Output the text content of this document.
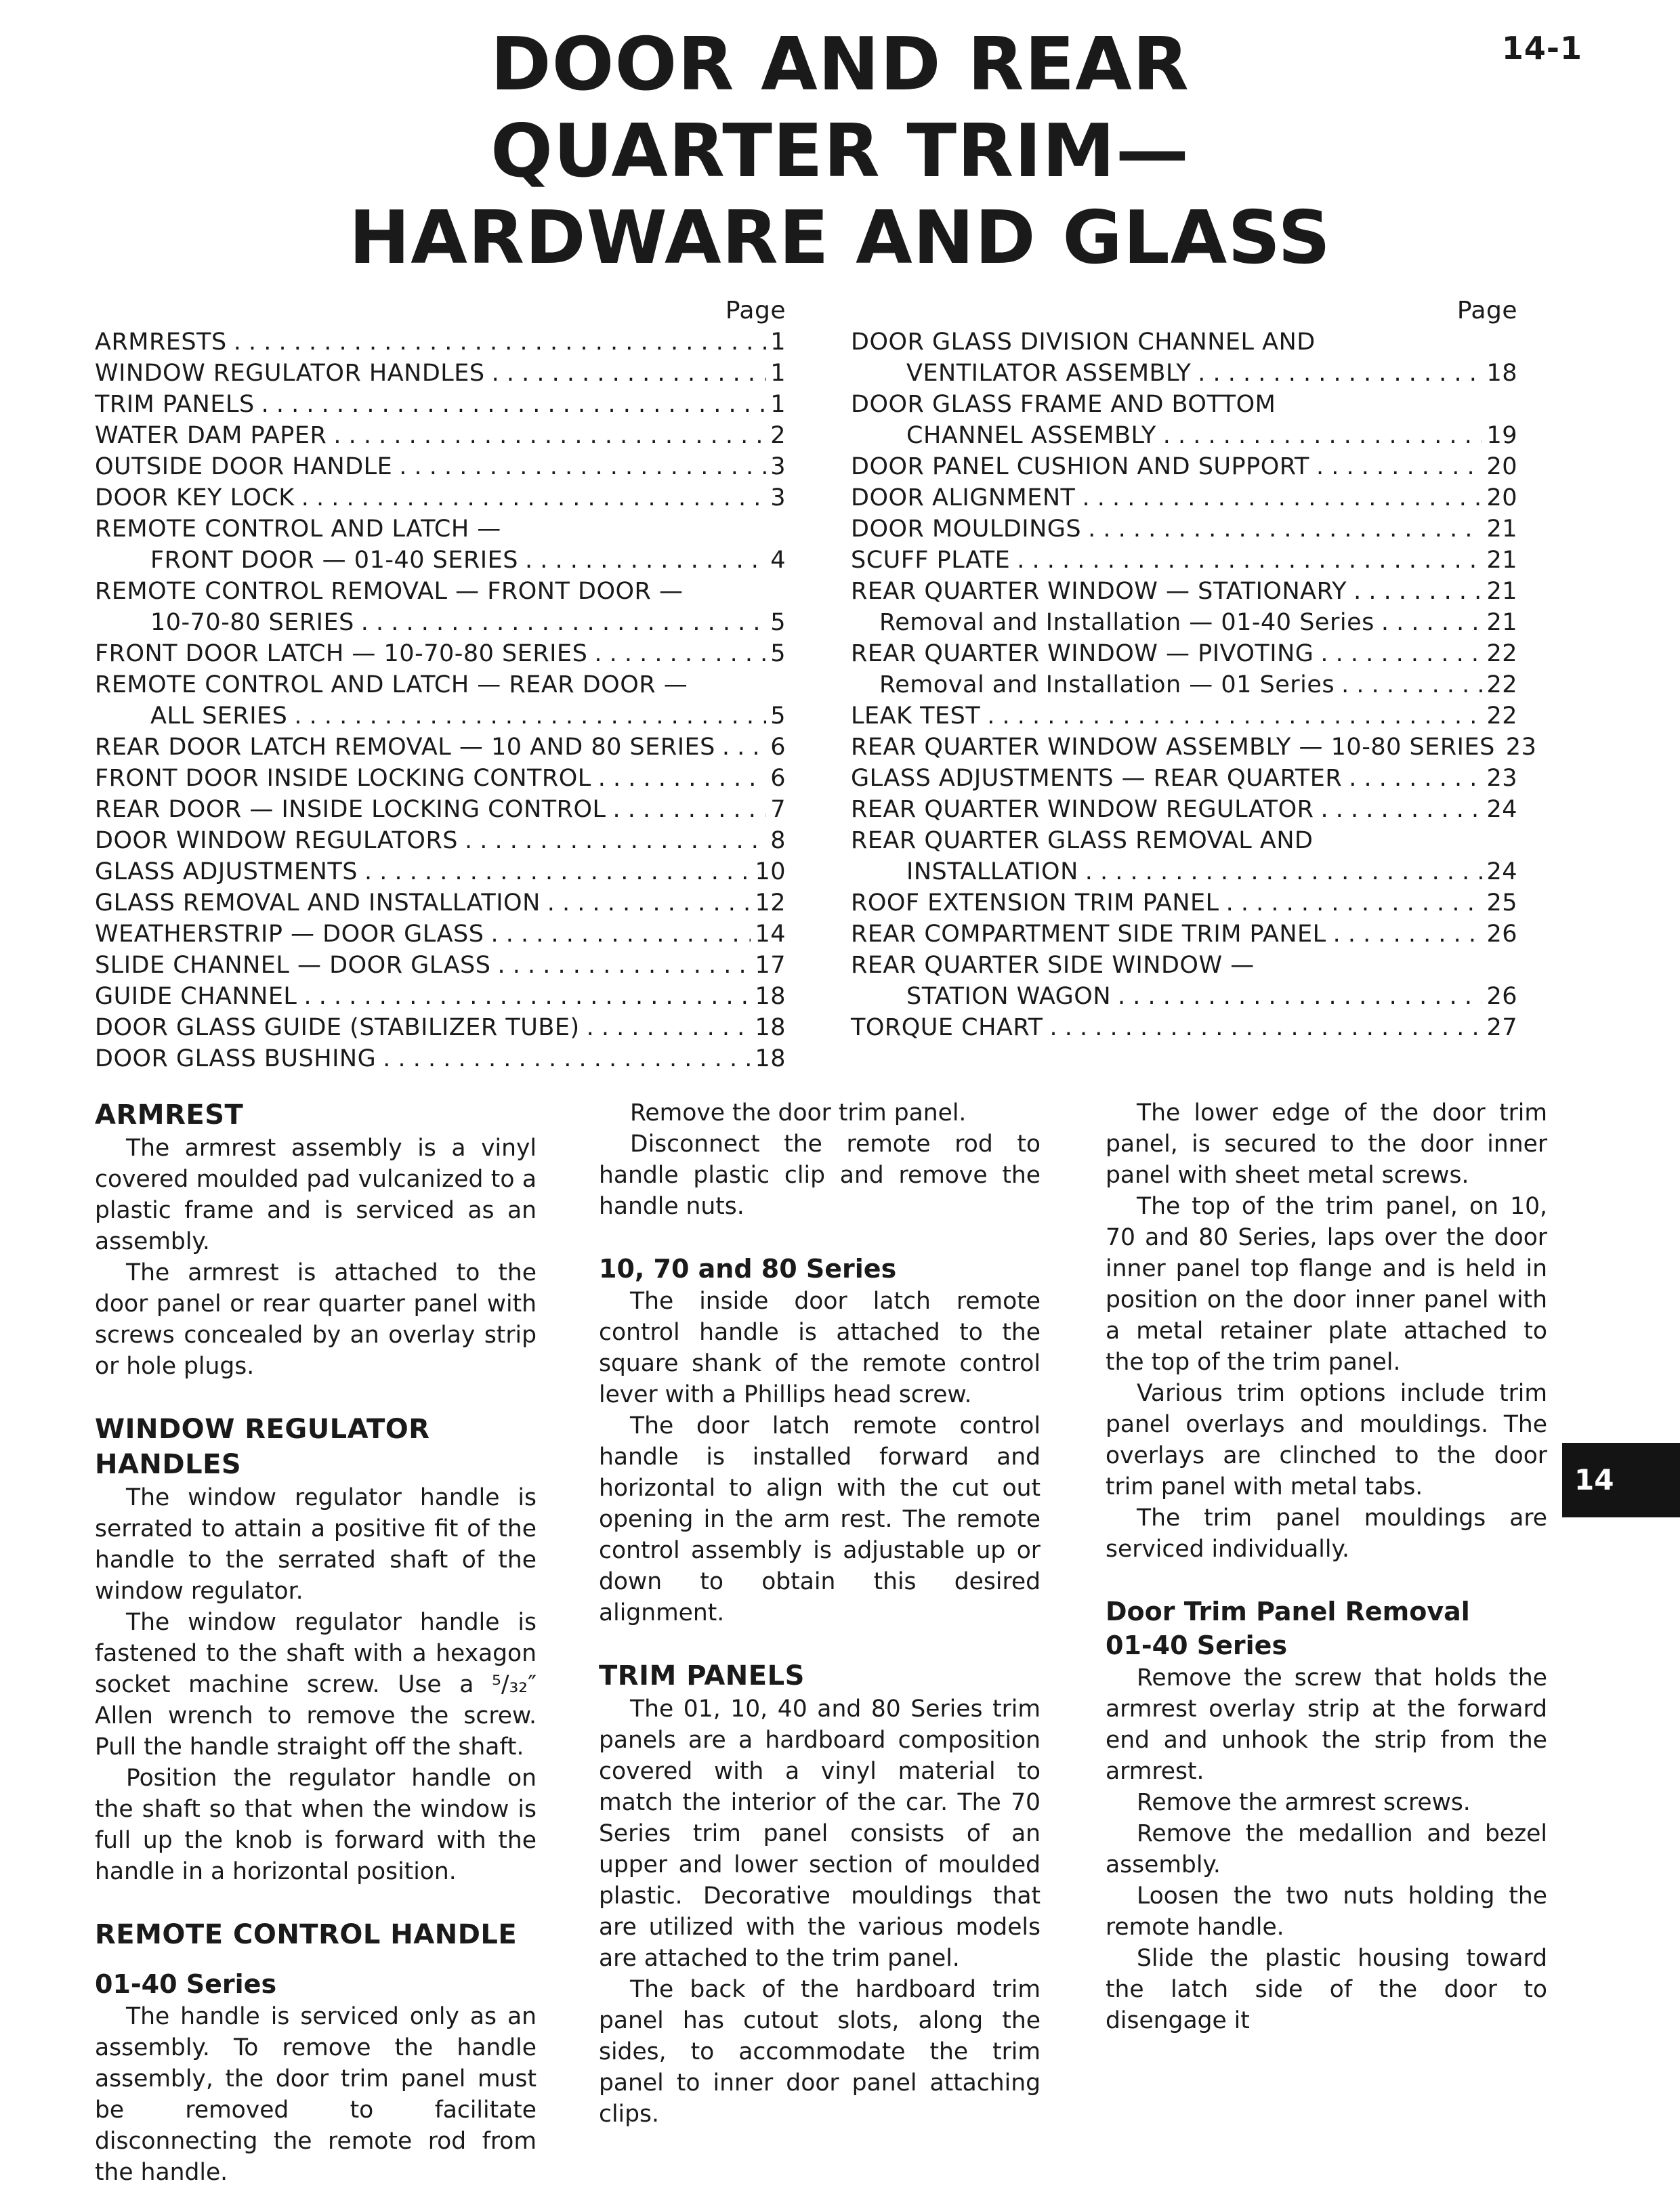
14-1
DOOR AND REAR
QUARTER TRIM—
HARDWARE AND GLASS
Page
ARMRESTS . . .	1
WINDOW REGULATOR HANDLES . . .	1
TRIM PANELS . . .	1
WATER DAM PAPER . . .	2
OUTSIDE DOOR HANDLE . . .	3
DOOR KEY LOCK . . .	3
REMOTE CONTROL AND LATCH —
FRONT DOOR — 01-40 SERIES . . .	4
REMOTE CONTROL REMOVAL — FRONT DOOR —
10-70-80 SERIES . . .	5
FRONT DOOR LATCH — 10-70-80 SERIES . . .	5
REMOTE CONTROL AND LATCH — REAR DOOR —
ALL SERIES . . .	5
REAR DOOR LATCH REMOVAL — 10 AND 80 SERIES . . . 6
FRONT DOOR INSIDE LOCKING CONTROL . . .	6
REAR DOOR — INSIDE LOCKING CONTROL . . .	7
DOOR WINDOW REGULATORS . . .	8
GLASS ADJUSTMENTS . . .	10
GLASS REMOVAL AND INSTALLATION . . .	12
WEATHERSTRIP — DOOR GLASS . . .	14
SLIDE CHANNEL — DOOR GLASS . . .	17
GUIDE CHANNEL . . .	18
DOOR GLASS GUIDE (STABILIZER TUBE) . . .	18
DOOR GLASS BUSHING . . .	18
Page
DOOR GLASS DIVISION CHANNEL AND
VENTILATOR ASSEMBLY . . .	18
DOOR GLASS FRAME AND BOTTOM
CHANNEL ASSEMBLY . . .	19
DOOR PANEL CUSHION AND SUPPORT . . .	20
DOOR ALIGNMENT . . .	20
DOOR MOULDINGS . . .	21
SCUFF PLATE . . .	21
REAR QUARTER WINDOW — STATIONARY . . .	21
Removal and Installation — 01-40 Series . . .	21
REAR QUARTER WINDOW — PIVOTING . . .	22
Removal and Installation — 01 Series . . .	22
LEAK TEST . . .	22
REAR QUARTER WINDOW ASSEMBLY — 10-80 SERIES 23
GLASS ADJUSTMENTS — REAR QUARTER . . .	23
REAR QUARTER WINDOW REGULATOR . . .	24
REAR QUARTER GLASS REMOVAL AND
INSTALLATION . . .	24
ROOF EXTENSION TRIM PANEL . . .	25
REAR COMPARTMENT SIDE TRIM PANEL . . .	26
REAR QUARTER SIDE WINDOW —
STATION WAGON . . .	26
TORQUE CHART . . .	27
ARMREST

The armrest assembly is a vinyl covered moulded pad vulcanized to a plastic frame and is serviced as an assembly.

The armrest is attached to the door panel or rear quarter panel with screws concealed by an overlay strip or hole plugs.

WINDOW REGULATOR HANDLES

The window regulator handle is serrated to attain a positive fit of the handle to the serrated shaft of the window regulator.

The window regulator handle is fastened to the shaft with a hexagon socket machine screw. Use a ⁵/₃₂″ Allen wrench to remove the screw. Pull the handle straight off the shaft.

Position the regulator handle on the shaft so that when the window is full up the knob is forward with the handle in a horizontal position.

REMOTE CONTROL HANDLE
01-40 Series

The handle is serviced only as an assembly. To remove the handle assembly, the door trim panel must be removed to facilitate disconnecting the remote rod from the handle.

Remove the door trim panel.

Disconnect the remote rod to handle plastic clip and remove the handle nuts.

10, 70 and 80 Series

The inside door latch remote control handle is attached to the square shank of the remote control lever with a Phillips head screw.

The door latch remote control handle is installed forward and horizontal to align with the cut out opening in the arm rest. The remote control assembly is adjustable up or down to obtain this desired alignment.

TRIM PANELS

The 01, 10, 40 and 80 Series trim panels are a hardboard composition covered with a vinyl material to match the interior of the car. The 70 Series trim panel consists of an upper and lower section of moulded plastic. Decorative mouldings that are utilized with the various models are attached to the trim panel.

The back of the hardboard trim panel has cutout slots, along the sides, to accommodate the trim panel to inner door panel attaching clips.

The lower edge of the door trim panel, is secured to the door inner panel with sheet metal screws.

The top of the trim panel, on 10, 70 and 80 Series, laps over the door inner panel top flange and is held in position on the door inner panel with a metal retainer plate attached to the top of the trim panel.

Various trim options include trim panel overlays and mouldings. The overlays are clinched to the door trim panel with metal tabs.

The trim panel mouldings are serviced individually.

Door Trim Panel Removal
01-40 Series

Remove the screw that holds the armrest overlay strip at the forward end and unhook the strip from the armrest.

Remove the armrest screws.

Remove the medallion and bezel assembly.

Loosen the two nuts holding the remote handle.

Slide the plastic housing toward the latch side of the door to disengage it

14
